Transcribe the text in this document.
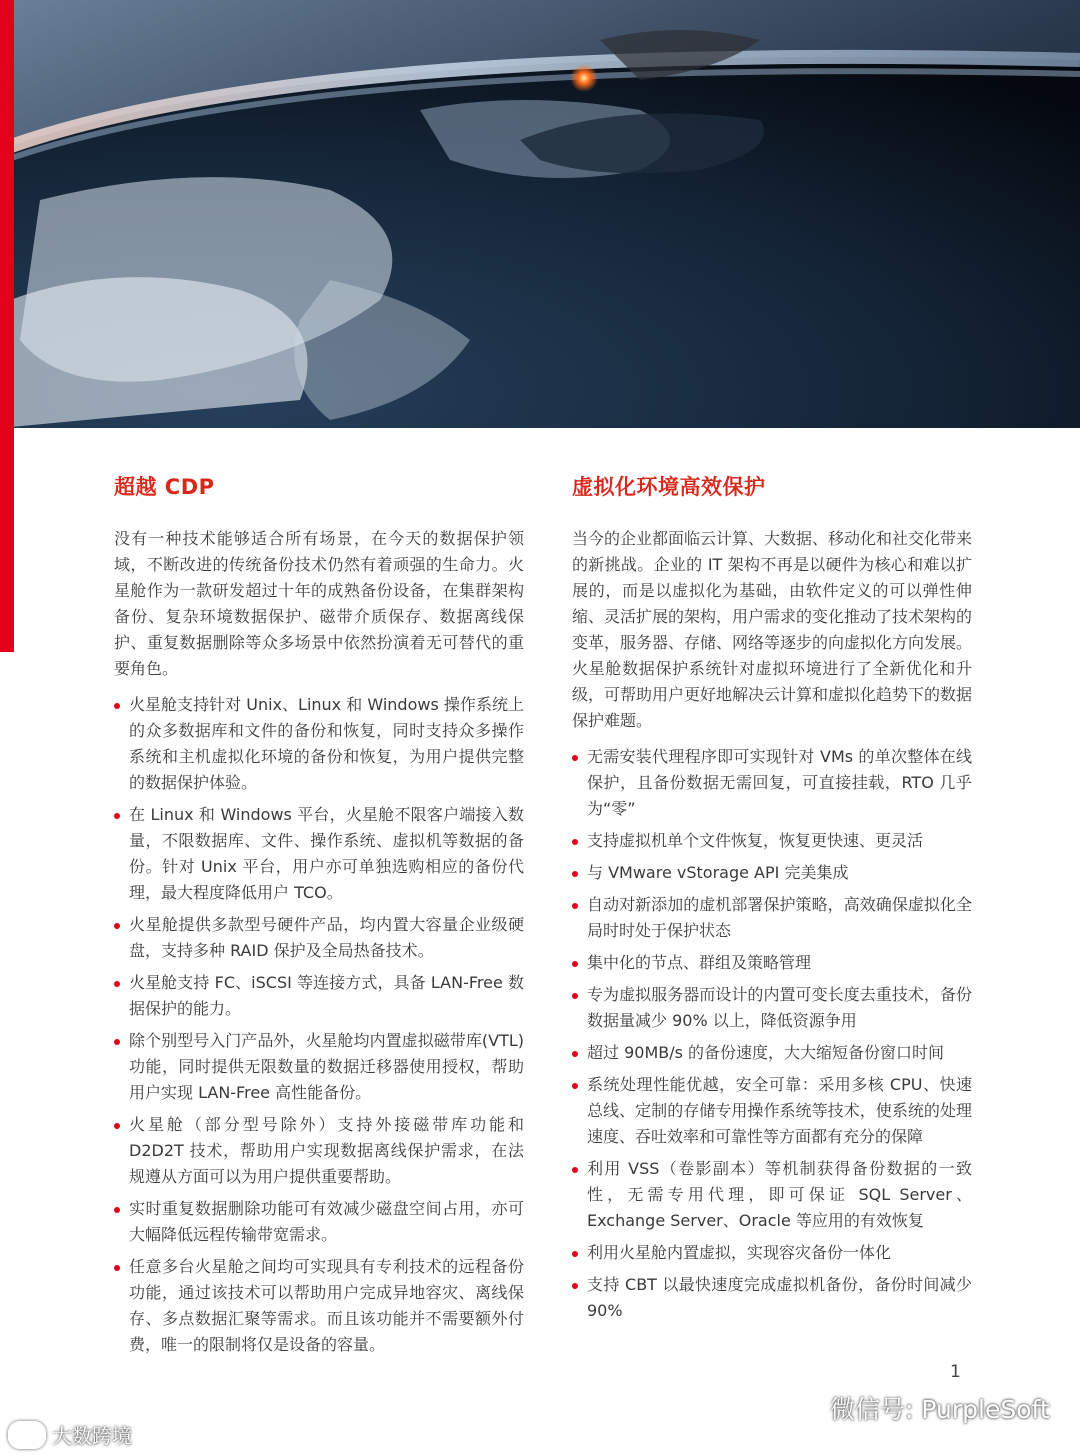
超越 CDP

没有一种技术能够适合所有场景，在今天的数据保护领域，不断改进的传统备份技术仍然有着顽强的生命力。火星舱作为一款研发超过十年的成熟备份设备，在集群架构备份、复杂环境数据保护、磁带介质保存、数据离线保护、重复数据删除等众多场景中依然扮演着无可替代的重要角色。

火星舱支持针对 Unix、Linux 和 Windows 操作系统上的众多数据库和文件的备份和恢复，同时支持众多操作系统和主机虚拟化环境的备份和恢复，为用户提供完整的数据保护体验。
在 Linux 和 Windows 平台，火星舱不限客户端接入数量，不限数据库、文件、操作系统、虚拟机等数据的备份。针对 Unix 平台，用户亦可单独选购相应的备份代理，最大程度降低用户 TCO。
火星舱提供多款型号硬件产品，均内置大容量企业级硬盘，支持多种 RAID 保护及全局热备技术。
火星舱支持 FC、iSCSI 等连接方式，具备 LAN-Free 数据保护的能力。
除个别型号入门产品外，火星舱均内置虚拟磁带库(VTL)功能，同时提供无限数量的数据迁移器使用授权，帮助用户实现 LAN-Free 高性能备份。
火星舱（部分型号除外）支持外接磁带库功能和 D2D2T 技术，帮助用户实现数据离线保护需求，在法规遵从方面可以为用户提供重要帮助。
实时重复数据删除功能可有效减少磁盘空间占用，亦可大幅降低远程传输带宽需求。
任意多台火星舱之间均可实现具有专利技术的远程备份功能，通过该技术可以帮助用户完成异地容灾、离线保存、多点数据汇聚等需求。而且该功能并不需要额外付费，唯一的限制将仅是设备的容量。
虚拟化环境高效保护

当今的企业都面临云计算、大数据、移动化和社交化带来的新挑战。企业的 IT 架构不再是以硬件为核心和难以扩展的，而是以虚拟化为基础，由软件定义的可以弹性伸缩、灵活扩展的架构，用户需求的变化推动了技术架构的变革，服务器、存储、网络等逐步的向虚拟化方向发展。火星舱数据保护系统针对虚拟环境进行了全新优化和升级，可帮助用户更好地解决云计算和虚拟化趋势下的数据保护难题。

无需安装代理程序即可实现针对 VMs 的单次整体在线保护，且备份数据无需回复，可直接挂载，RTO 几乎为“零”
支持虚拟机单个文件恢复，恢复更快速、更灵活
与 VMware vStorage API 完美集成
自动对新添加的虚机部署保护策略，高效确保虚拟化全局时时处于保护状态
集中化的节点、群组及策略管理
专为虚拟服务器而设计的内置可变长度去重技术，备份数据量减少 90% 以上，降低资源争用
超过 90MB/s 的备份速度，大大缩短备份窗口时间
系统处理性能优越，安全可靠：采用多核 CPU、快速总线、定制的存储专用操作系统等技术，使系统的处理速度、吞吐效率和可靠性等方面都有充分的保障
利用 VSS（卷影副本）等机制获得备份数据的一致性，无需专用代理，即可保证 SQL Server、Exchange Server、Oracle 等应用的有效恢复
利用火星舱内置虚拟，实现容灾备份一体化
支持 CBT 以最快速度完成虚拟机备份，备份时间减少 90%
1
微信号: PurpleSoft
大数跨境
